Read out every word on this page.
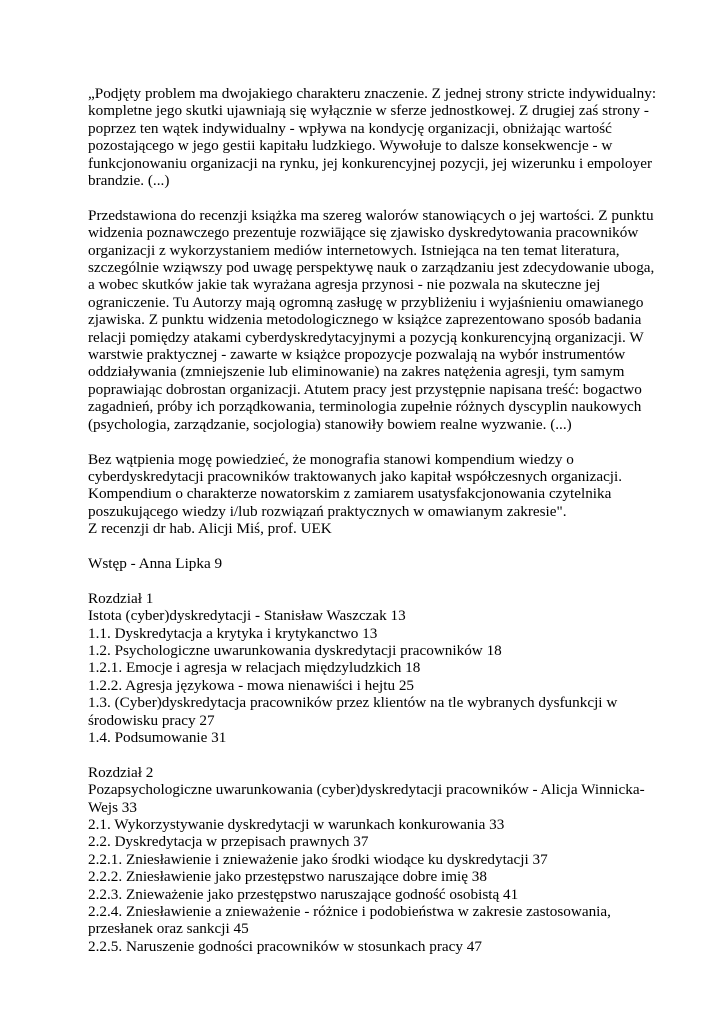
„Podjęty problem ma dwojakiego charakteru znaczenie. Z jednej strony stricte indywidualny:
kompletne jego skutki ujawniają się wyłącznie w sferze jednostkowej. Z drugiej zaś strony -
poprzez ten wątek indywidualny - wpływa na kondycję organizacji, obniżając wartość
pozostającego w jego gestii kapitału ludzkiego. Wywołuje to dalsze konsekwencje - w
funkcjonowaniu organizacji na rynku, jej konkurencyjnej pozycji, jej wizerunku i empoloyer
brandzie. (...)
Przedstawiona do recenzji książka ma szereg walorów stanowiących o jej wartości. Z punktu
widzenia poznawczego prezentuje rozwiājące się zjawisko dyskredytowania pracowników
organizacji z wykorzystaniem mediów internetowych. Istniejąca na ten temat literatura,
szczególnie wziąwszy pod uwagę perspektywę nauk o zarządzaniu jest zdecydowanie uboga,
a wobec skutków jakie tak wyrażana agresja przynosi - nie pozwala na skuteczne jej
ograniczenie. Tu Autorzy mają ogromną zasługę w przybliżeniu i wyjaśnieniu omawianego
zjawiska. Z punktu widzenia metodologicznego w książce zaprezentowano sposób badania
relacji pomiędzy atakami cyberdyskredytacyjnymi a pozycją konkurencyjną organizacji. W
warstwie praktycznej - zawarte w książce propozycje pozwalają na wybór instrumentów
oddziaływania (zmniejszenie lub eliminowanie) na zakres natężenia agresji, tym samym
poprawiając dobrostan organizacji. Atutem pracy jest przystępnie napisana treść: bogactwo
zagadnień, próby ich porządkowania, terminologia zupełnie różnych dyscyplin naukowych
(psychologia, zarządzanie, socjologia) stanowiły bowiem realne wyzwanie. (...)
Bez wątpienia mogę powiedzieć, że monografia stanowi kompendium wiedzy o
cyberdyskredytacji pracowników traktowanych jako kapitał współczesnych organizacji.
Kompendium o charakterze nowatorskim z zamiarem usatysfakcjonowania czytelnika
poszukującego wiedzy i/lub rozwiązań praktycznych w omawianym zakresie".
Z recenzji dr hab. Alicji Miś, prof. UEK
Wstęp - Anna Lipka 9
Rozdział 1
Istota (cyber)dyskredytacji - Stanisław Waszczak 13
1.1. Dyskredytacja a krytyka i krytykanctwo 13
1.2. Psychologiczne uwarunkowania dyskredytacji pracowników 18
1.2.1. Emocje i agresja w relacjach międzyludzkich 18
1.2.2. Agresja językowa - mowa nienawiści i hejtu 25
1.3. (Cyber)dyskredytacja pracowników przez klientów na tle wybranych dysfunkcji w
środowisku pracy 27
1.4. Podsumowanie 31
Rozdział 2
Pozapsychologiczne uwarunkowania (cyber)dyskredytacji pracowników - Alicja Winnicka-
Wejs 33
2.1. Wykorzystywanie dyskredytacji w warunkach konkurowania 33
2.2. Dyskredytacja w przepisach prawnych 37
2.2.1. Zniesławienie i znieważenie jako środki wiodące ku dyskredytacji 37
2.2.2. Zniesławienie jako przestępstwo naruszające dobre imię 38
2.2.3. Znieważenie jako przestępstwo naruszające godność osobistą 41
2.2.4. Zniesławienie a znieważenie - różnice i podobieństwa w zakresie zastosowania,
przesłanek oraz sankcji 45
2.2.5. Naruszenie godności pracowników w stosunkach pracy 47
